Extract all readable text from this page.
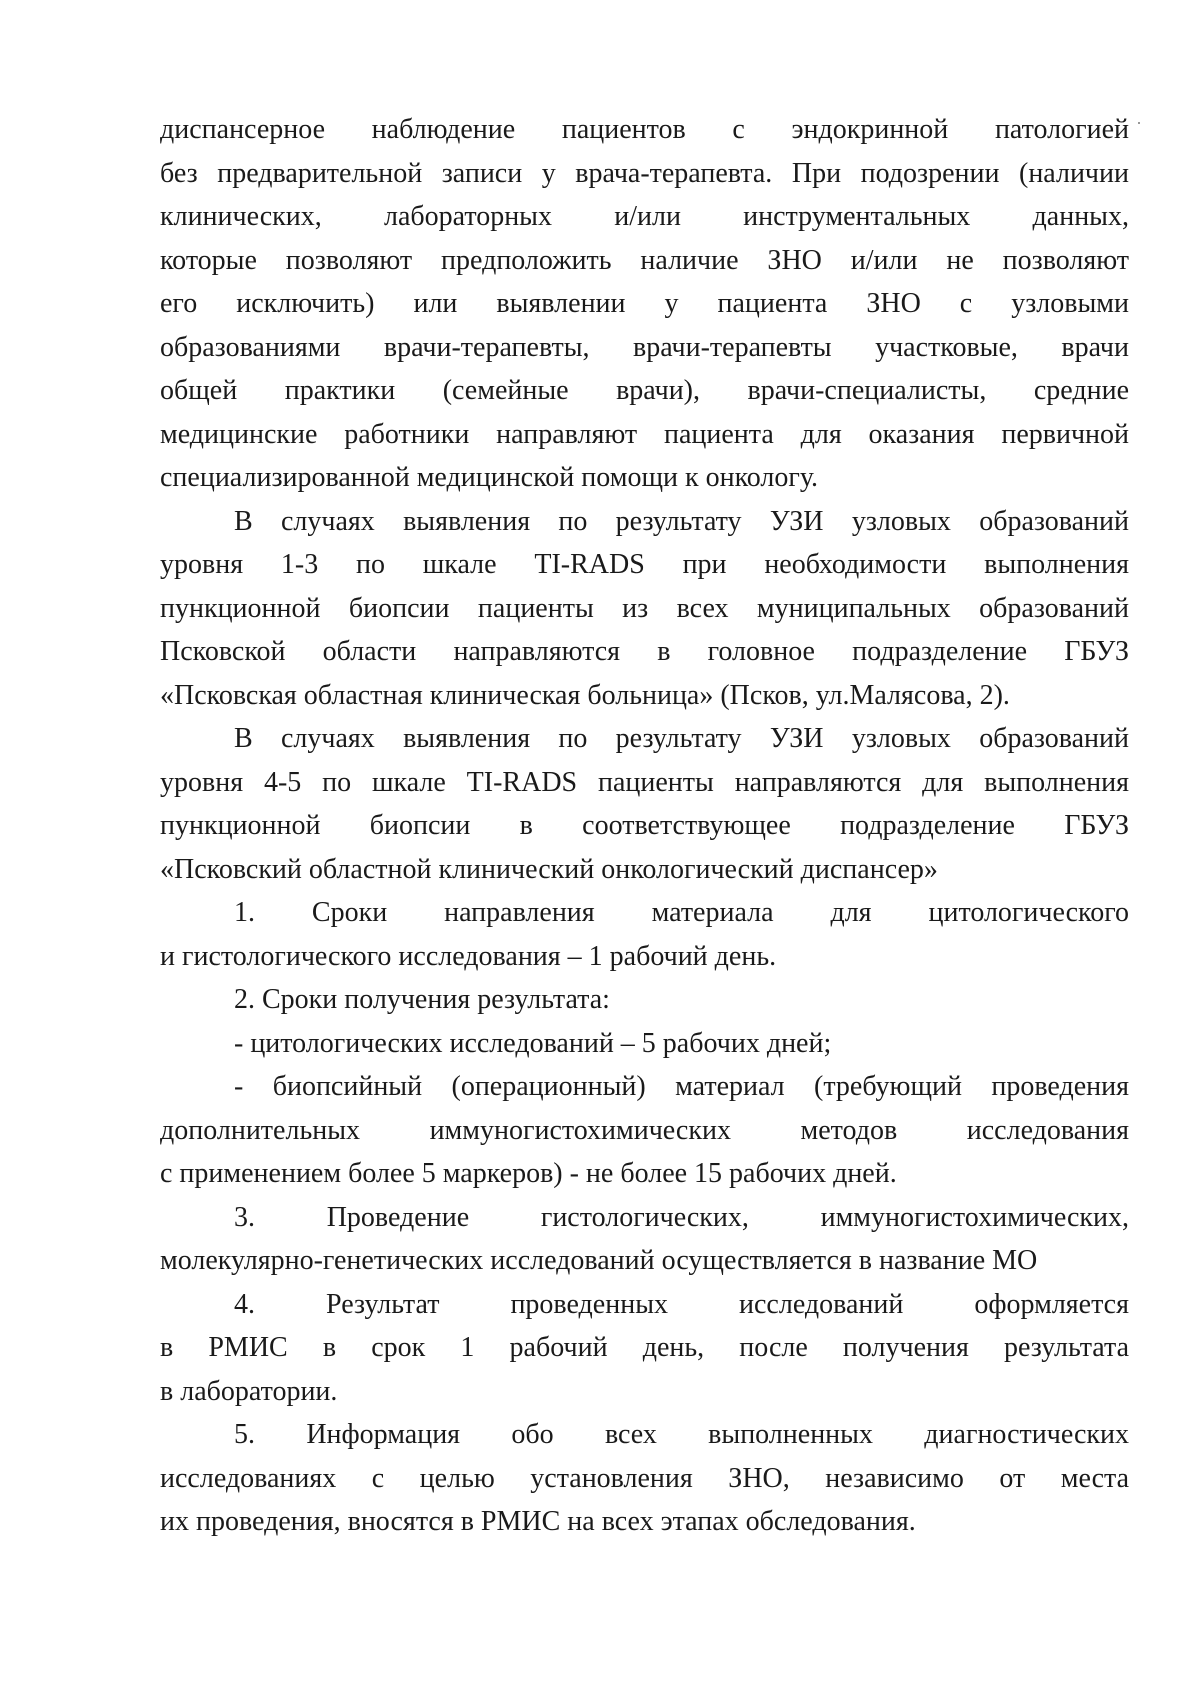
диспансерное наблюдение пациентов с эндокринной патологией
без предварительной записи у врача-терапевта. При подозрении (наличии
клинических, лабораторных и/или инструментальных данных,
которые позволяют предположить наличие ЗНО и/или не позволяют
его исключить) или выявлении у пациента ЗНО с узловыми
образованиями врачи-терапевты, врачи-терапевты участковые, врачи
общей практики (семейные врачи), врачи-специалисты, средние
медицинские работники направляют пациента для оказания первичной
специализированной медицинской помощи к онкологу.
В случаях выявления по результату УЗИ узловых образований
уровня 1-3 по шкале TI-RADS при необходимости выполнения
пункционной биопсии пациенты из всех муниципальных образований
Псковской области направляются в головное подразделение ГБУЗ
«Псковская областная клиническая больница» (Псков, ул.Малясова, 2).
В случаях выявления по результату УЗИ узловых образований
уровня 4-5 по шкале TI-RADS пациенты направляются для выполнения
пункционной биопсии в соответствующее подразделение ГБУЗ
«Псковский областной клинический онкологический диспансер»
1. Сроки направления материала для цитологического
и гистологического исследования – 1 рабочий день.
2. Сроки получения результата:
- цитологических исследований – 5 рабочих дней;
- биопсийный (операционный) материал (требующий проведения
дополнительных иммуногистохимических методов исследования
с применением более 5 маркеров) - не более 15 рабочих дней.
3. Проведение гистологических, иммуногистохимических,
молекулярно-генетических исследований осуществляется в название МО
4. Результат проведенных исследований оформляется
в РМИС в срок 1 рабочий день, после получения результата
в лаборатории.
5. Информация обо всех выполненных диагностических
исследованиях с целью установления ЗНО, независимо от места
их проведения, вносятся в РМИС на всех этапах обследования.
